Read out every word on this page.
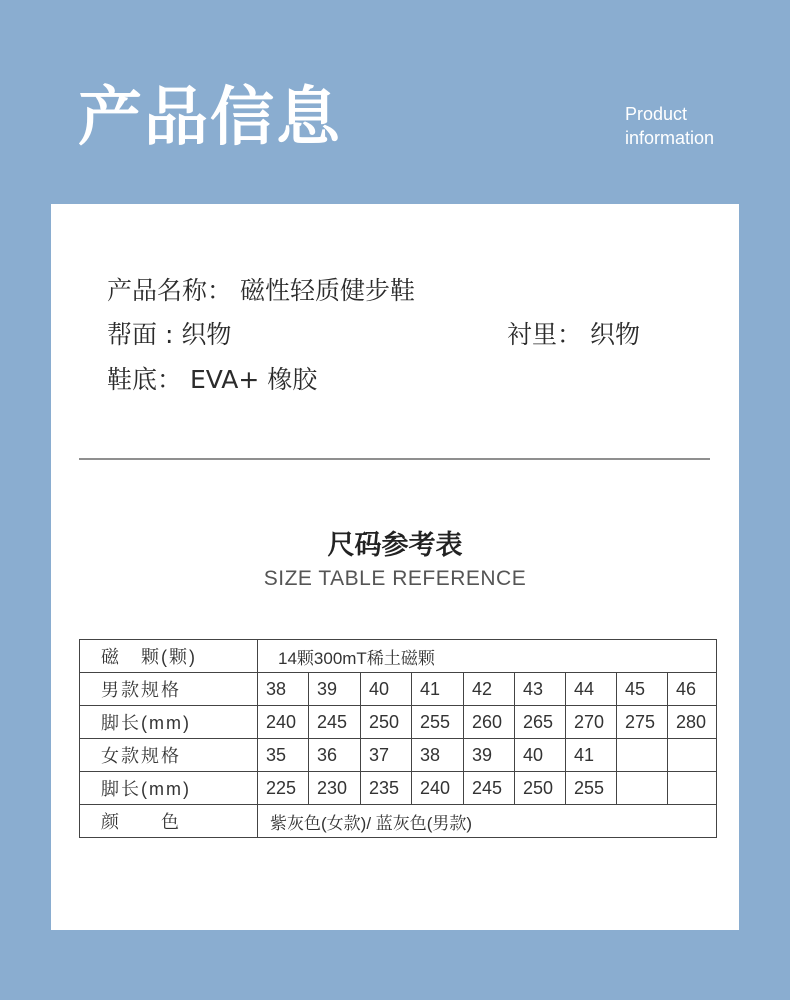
产品信息	Product
information
产品名称： 磁性轻质健步鞋
帮面 : 织物	衬里： 织物
鞋底： EVA+ 橡胶
尺码参考表
SIZE TABLE REFERENCE
磁　颗(颗)	14颗300mT稀土磁颗								
男款规格	38	39	40	41	42	43	44	45	46
脚长(mm)	240	245	250	255	260	265	270	275	280
女款规格	35	36	37	38	39	40	41		
脚长(mm)	225	230	235	240	245	250	255		
颜　　色	紫灰色(女款)/ 蓝灰色(男款)								
